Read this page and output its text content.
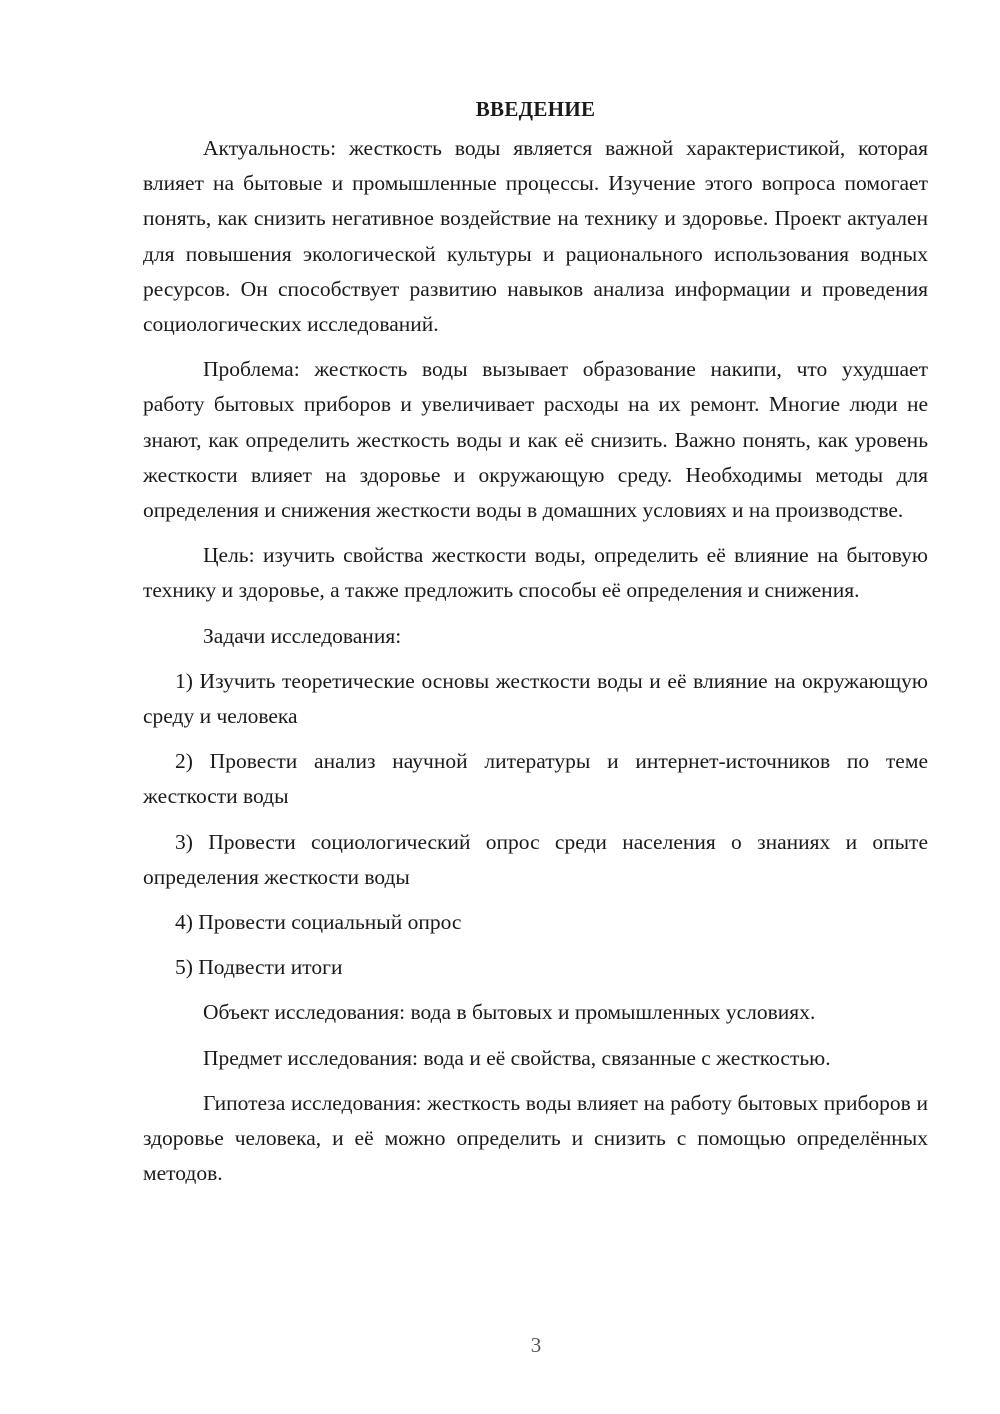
ВВЕДЕНИЕ

Актуальность: жесткость воды является важной характеристикой, которая влияет на бытовые и промышленные процессы. Изучение этого вопроса помогает понять, как снизить негативное воздействие на технику и здоровье. Проект актуален для повышения экологической культуры и рационального использования водных ресурсов. Он способствует развитию навыков анализа информации и проведения социологических исследований.

Проблема: жесткость воды вызывает образование накипи, что ухудшает работу бытовых приборов и увеличивает расходы на их ремонт. Многие люди не знают, как определить жесткость воды и как её снизить. Важно понять, как уровень жесткости влияет на здоровье и окружающую среду. Необходимы методы для определения и снижения жесткости воды в домашних условиях и на производстве.

Цель: изучить свойства жесткости воды, определить её влияние на бытовую технику и здоровье, а также предложить способы её определения и снижения.

Задачи исследования:

1) Изучить теоретические основы жесткости воды и её влияние на окружающую среду и человека

2) Провести анализ научной литературы и интернет-источников по теме жесткости воды

3) Провести социологический опрос среди населения о знаниях и опыте определения жесткости воды

4) Провести социальный опрос

5) Подвести итоги

Объект исследования: вода в бытовых и промышленных условиях.

Предмет исследования: вода и её свойства, связанные с жесткостью.

Гипотеза исследования: жесткость воды влияет на работу бытовых приборов и здоровье человека, и её можно определить и снизить с помощью определённых методов.

3
